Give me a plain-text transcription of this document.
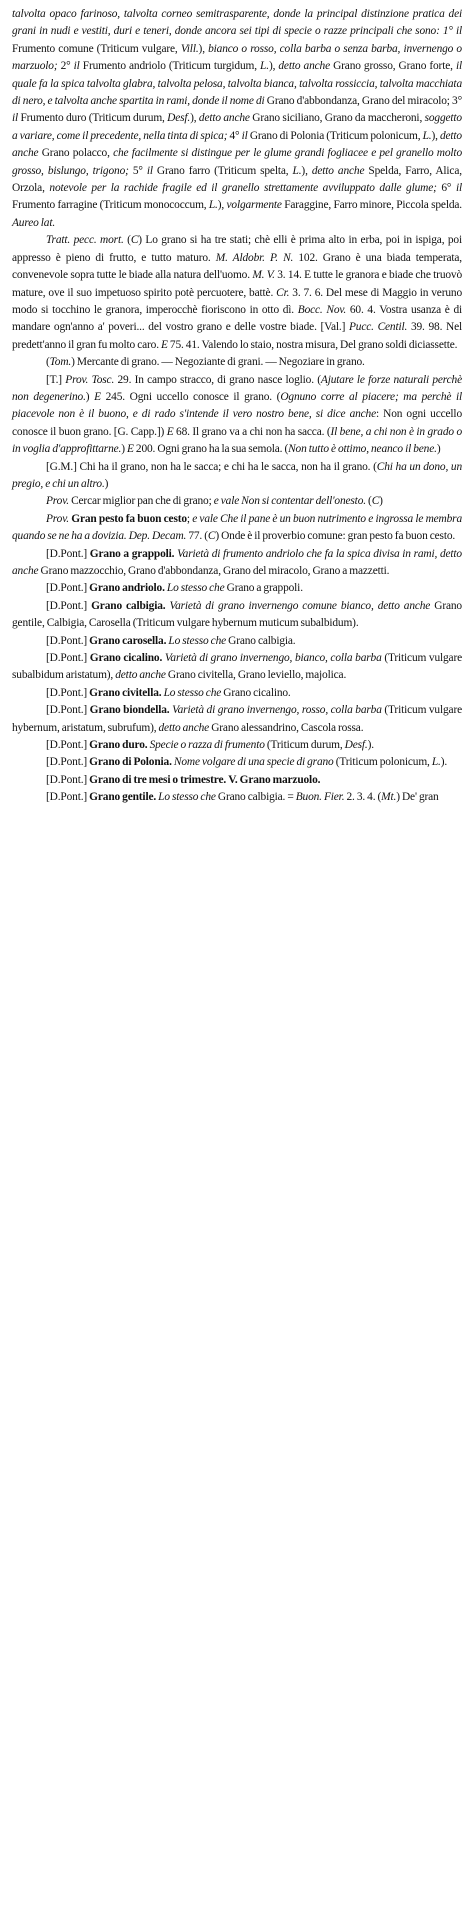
talvolta opaco farinoso, talvolta corneo semitrasparente, donde la principal distinzione pratica dei grani in nudi e vestiti, duri e teneri, donde ancora sei tipi di specie o razze principali che sono: 1° il Frumento comune (Triticum vulgare, Vill.), bianco o rosso, colla barba o senza barba, invernengo o marzuolo; 2° il Frumento andriolo (Triticum turgidum, L.), detto anche Grano grosso, Grano forte, il quale fa la spica talvolta glabra, talvolta pelosa, talvolta bianca, talvolta rossiccia, talvolta macchiata di nero, e talvolta anche spartita in rami, donde il nome di Grano d'abbondanza, Grano del miracolo; 3° il Frumento duro (Triticum durum, Desf.), detto anche Grano siciliano, Grano da maccheroni, soggetto a variare, come il precedente, nella tinta di spica; 4° il Grano di Polonia (Triticum polonicum, L.), detto anche Grano polacco, che facilmente si distingue per le glume grandi fogliacee e pel granello molto grosso, bislungo, trigono; 5° il Grano farro (Triticum spelta, L.), detto anche Spelda, Farro, Alica, Orzola, notevole per la rachide fragile ed il granello strettamente avviluppato dalle glume; 6° il Frumento farragine (Triticum monococcum, L.), volgarmente Faraggine, Farro minore, Piccola spelda. Aureo lat.

Tratt. pecc. mort. (C) Lo grano si ha tre stati; chè elli è prima alto in erba, poi in ispiga, poi appresso è pieno di frutto, e tutto maturo. M. Aldobr. P. N. 102. Grano è una biada temperata, convenevole sopra tutte le biade alla natura dell'uomo. M. V. 3. 14. E tutte le granora e biade che truovò mature, ove il suo impetuoso spirito potè percuotere, battè. Cr. 3. 7. 6. Del mese di Maggio in veruno modo si tocchino le granora, imperocchè fioriscono in otto dì. Bocc. Nov. 60. 4. Vostra usanza è di mandare ogn'anno a' poveri... del vostro grano e delle vostre biade. [Val.] Pucc. Centil. 39. 98. Nel predett'anno il gran fu molto caro. E 75. 41. Valendo lo staio, nostra misura, Del grano soldi diciassette.

(Tom.) Mercante di grano. — Negoziante di grani. — Negoziare in grano.

[T.] Prov. Tosc. 29. In campo stracco, di grano nasce loglio. (Ajutare le forze naturali perchè non degenerino.) E 245. Ogni uccello conosce il grano. (Ognuno corre al piacere; ma perchè il piacevole non è il buono, e di rado s'intende il vero nostro bene, si dice anche: Non ogni uccello conosce il buon grano. [G. Capp.]) E 68. Il grano va a chi non ha sacca. (Il bene, a chi non è in grado o in voglia d'approfittarne.) E 200. Ogni grano ha la sua semola. (Non tutto è ottimo, neanco il bene.)

[G.M.] Chi ha il grano, non ha le sacca; e chi ha le sacca, non ha il grano. (Chi ha un dono, un pregio, e chi un altro.)

Prov. Cercar miglior pan che di grano; e vale Non si contentar dell'onesto. (C)

Prov. Gran pesto fa buon cesto; e vale Che il pane è un buon nutrimento e ingrossa le membra quando se ne ha a dovizia. Dep. Decam. 77. (C) Onde è il proverbio comune: gran pesto fa buon cesto.

[D.Pont.] Grano a grappoli. Varietà di frumento andriolo che fa la spica divisa in rami, detto anche Grano mazzocchio, Grano d'abbondanza, Grano del miracolo, Grano a mazzetti.

[D.Pont.] Grano andriolo. Lo stesso che Grano a grappoli.

[D.Pont.] Grano calbigia. Varietà di grano invernengo comune bianco, detto anche Grano gentile, Calbigia, Carosella (Triticum vulgare hybernum muticum subalbidum).

[D.Pont.] Grano carosella. Lo stesso che Grano calbigia.

[D.Pont.] Grano cicalino. Varietà di grano invernengo, bianco, colla barba (Triticum vulgare subalbidum aristatum), detto anche Grano civitella, Grano leviello, majolica.

[D.Pont.] Grano civitella. Lo stesso che Grano cicalino.

[D.Pont.] Grano biondella. Varietà di grano invernengo, rosso, colla barba (Triticum vulgare hybernum, aristatum, subrufum), detto anche Grano alessandrino, Cascola rossa.

[D.Pont.] Grano duro. Specie o razza di frumento (Triticum durum, Desf.).

[D.Pont.] Grano di Polonia. Nome volgare di una specie di grano (Triticum polonicum, L.).

[D.Pont.] Grano di tre mesi o trimestre. V. Grano marzuolo.

[D.Pont.] Grano gentile. Lo stesso che Grano calbigia. = Buon. Fier. 2. 3. 4. (Mt.) De' gran
